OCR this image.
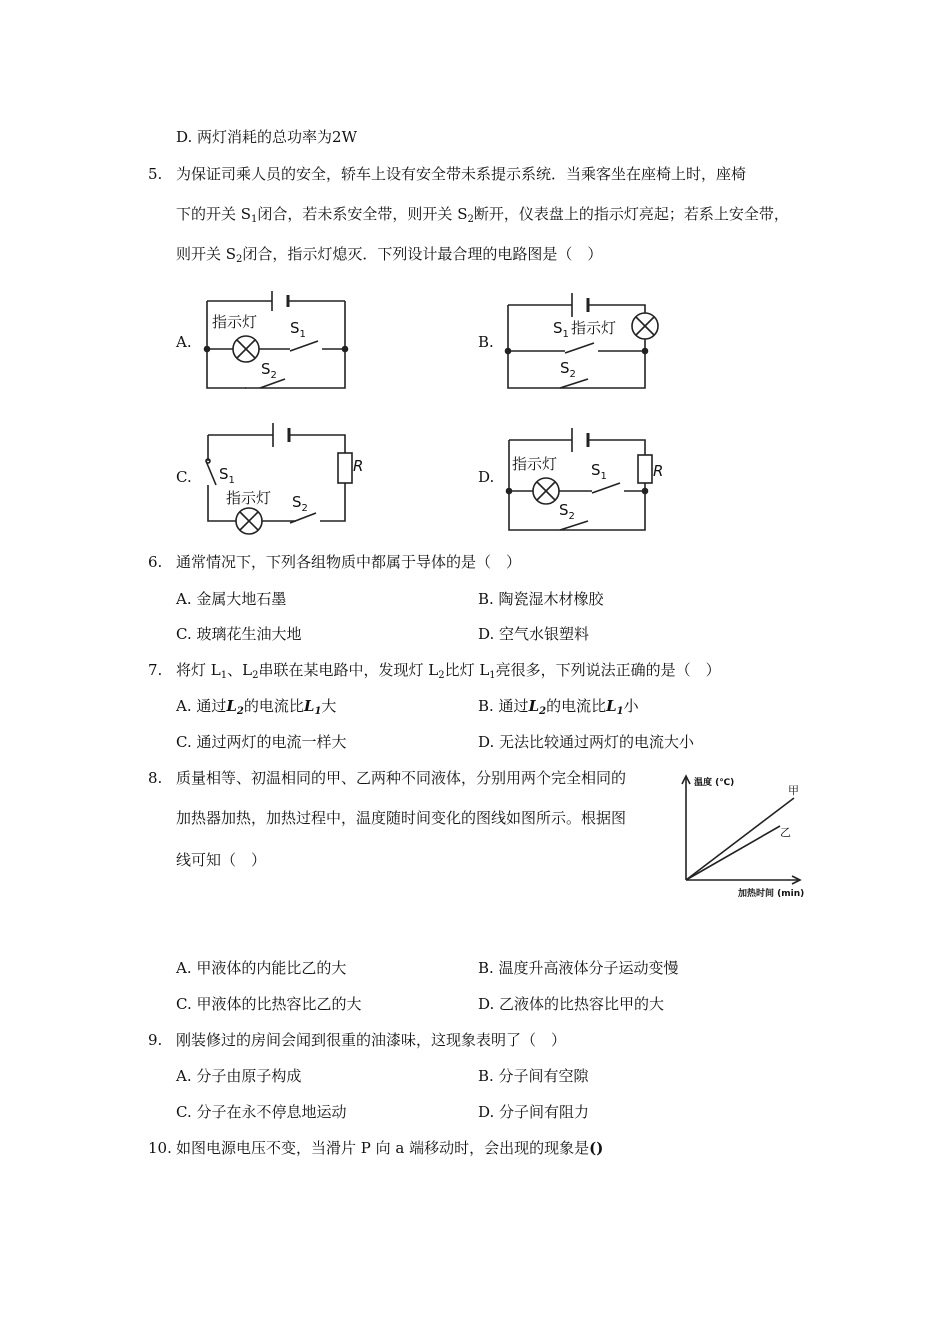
D. 两灯消耗的总功率为2W
5. 为保证司乘人员的安全，轿车上设有安全带未系提示系统．当乘客坐在座椅上时，座椅
下的开关 $S_1$闭合，若未系安全带，则开关 $S_2$断开，仪表盘上的指示灯亮起；若系上安全带，
则开关 $S_2$闭合，指示灯熄灭．下列设计最合理的电路图是（　）
指示灯 $S_1$
$S_2$
$S_1$ 指示灯
$S_2$
$S_1$
指示灯 $S_2$
R	指示灯 $S_1$
$S_2$
R
A.	B.
C.	D.
6. 通常情况下，下列各组物质中都属于导体的是（　）
A. 金属大地石墨	B. 陶瓷湿木材橡胶
C. 玻璃花生油大地	D. 空气水银塑料
7. 将灯 $L_1$、$L_2$串联在某电路中，发现灯 $L_2$比灯 $L_1$亮很多，下列说法正确的是（　）
A. 通过$L_2$的电流比$L_1$大	B. 通过$L_2$的电流比$L_1$小
C. 通过两灯的电流一样大	D. 无法比较通过两灯的电流大小
8. 质量相等、初温相同的甲、乙两种不同液体，分别用两个完全相同的
加热器加热，加热过程中，温度随时间变化的图线如图所示。根据图
线可知（　）
温度 (℃)
加热时间 (min)
甲
乙
A. 甲液体的内能比乙的大	B. 温度升高液体分子运动变慢
C. 甲液体的比热容比乙的大	D. 乙液体的比热容比甲的大
9. 刚装修过的房间会闻到很重的油漆味，这现象表明了（　）
A. 分子由原子构成	B. 分子间有空隙
C. 分子在永不停息地运动	D. 分子间有阻力
10. 如图电源电压不变，当滑片 P 向 a 端移动时，会出现的现象是()
